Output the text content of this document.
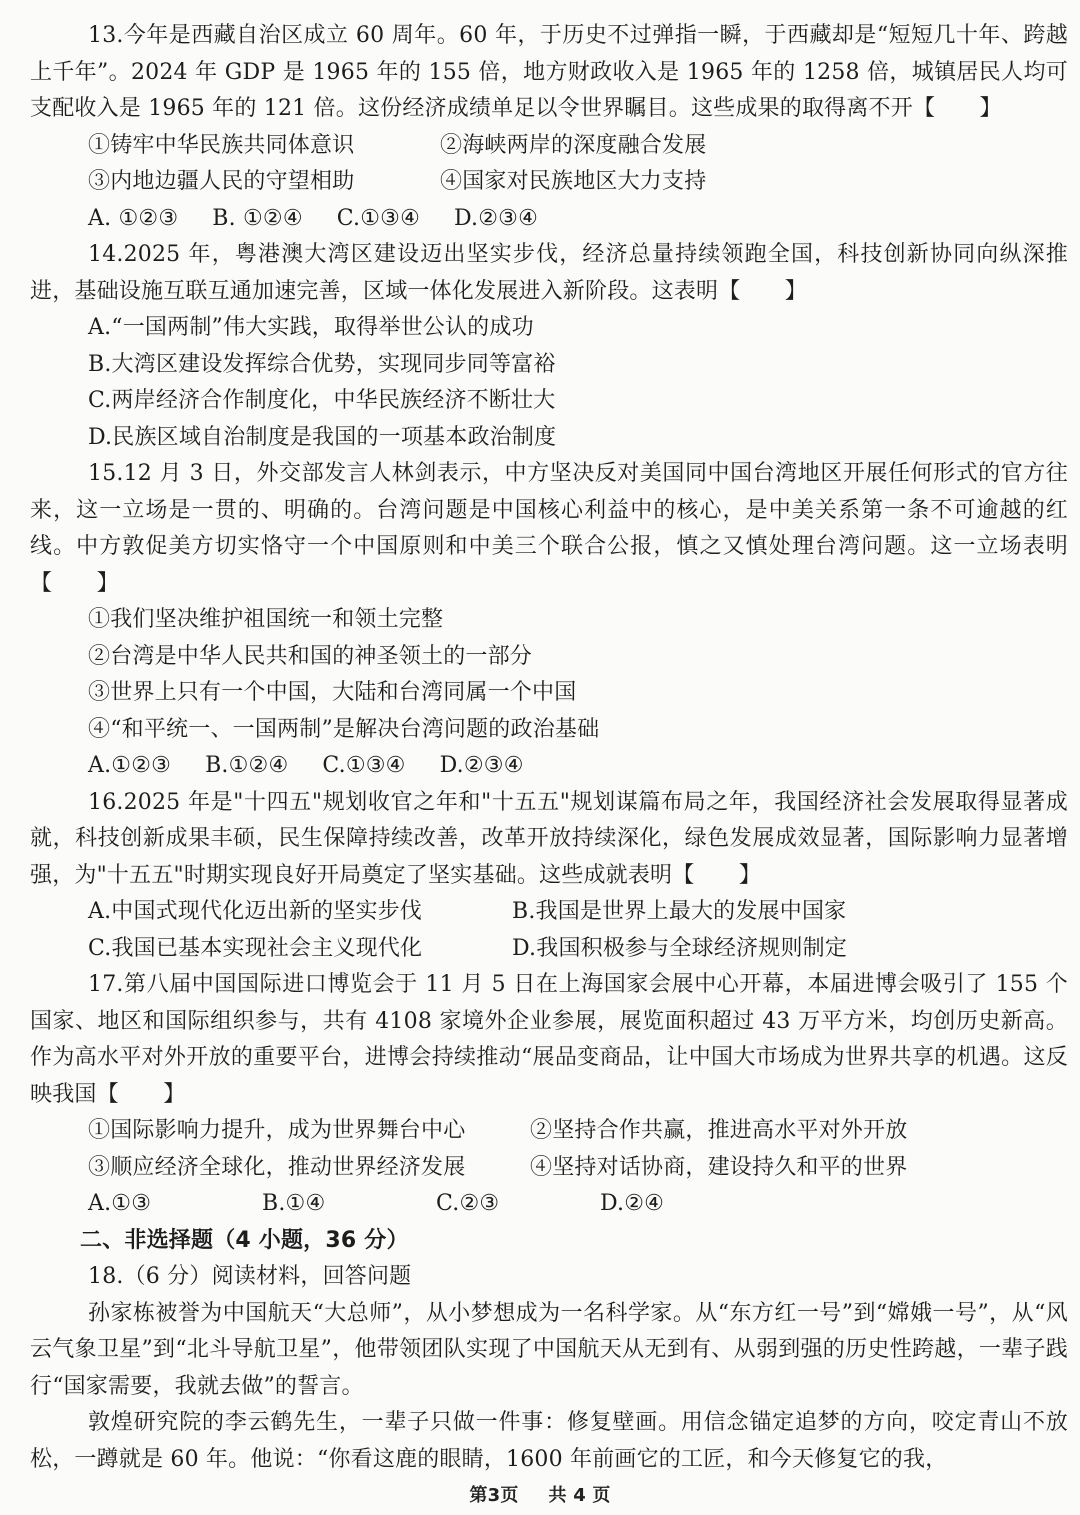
13.今年是西藏自治区成立 60 周年。60 年，于历史不过弹指一瞬，于西藏却是“短短几十年、跨越上千年”。2024 年 GDP 是 1965 年的 155 倍，地方财政收入是 1965 年的 1258 倍，城镇居民人均可支配收入是 1965 年的 121 倍。这份经济成绩单足以令世界瞩目。这些成果的取得离不开【　　】

①铸牢中华民族共同体意识	②海峡两岸的深度融合发展
③内地边疆人民的守望相助	④国家对民族地区大力支持
A. ①②③ B. ①②④ C.①③④ D.②③④

14.2025 年，粤港澳大湾区建设迈出坚实步伐，经济总量持续领跑全国，科技创新协同向纵深推进，基础设施互联互通加速完善，区域一体化发展进入新阶段。这表明【　　】

A.“一国两制”伟大实践，取得举世公认的成功
B.大湾区建设发挥综合优势，实现同步同等富裕
C.两岸经济合作制度化，中华民族经济不断壮大
D.民族区域自治制度是我国的一项基本政治制度

15.12 月 3 日，外交部发言人林剑表示，中方坚决反对美国同中国台湾地区开展任何形式的官方往来，这一立场是一贯的、明确的。台湾问题是中国核心利益中的核心，是中美关系第一条不可逾越的红线。中方敦促美方切实恪守一个中国原则和中美三个联合公报，慎之又慎处理台湾问题。这一立场表明【　　】

①我们坚决维护祖国统一和领土完整
②台湾是中华人民共和国的神圣领土的一部分
③世界上只有一个中国，大陆和台湾同属一个中国
④“和平统一、一国两制”是解决台湾问题的政治基础
A.①②③ B.①②④ C.①③④ D.②③④

16.2025 年是"十四五"规划收官之年和"十五五"规划谋篇布局之年，我国经济社会发展取得显著成就，科技创新成果丰硕，民生保障持续改善，改革开放持续深化，绿色发展成效显著，国际影响力显著增强，为"十五五"时期实现良好开局奠定了坚实基础。这些成就表明【　　】

A.中国式现代化迈出新的坚实步伐	B.我国是世界上最大的发展中国家
C.我国已基本实现社会主义现代化	D.我国积极参与全球经济规则制定

17.第八届中国国际进口博览会于 11 月 5 日在上海国家会展中心开幕，本届进博会吸引了 155 个国家、地区和国际组织参与，共有 4108 家境外企业参展，展览面积超过 43 万平方米，均创历史新高。作为高水平对外开放的重要平台，进博会持续推动“展品变商品，让中国大市场成为世界共享的机遇。这反映我国【　　】

①国际影响力提升，成为世界舞台中心	②坚持合作共赢，推进高水平对外开放
③顺应经济全球化，推动世界经济发展	④坚持对话协商，建设持久和平的世界
A.①③	B.①④	C.②③	D.②④
二、非选择题（4 小题，36 分）
18.（6 分）阅读材料，回答问题

孙家栋被誉为中国航天“大总师”，从小梦想成为一名科学家。从“东方红一号”到“嫦娥一号”，从“风云气象卫星”到“北斗导航卫星”，他带领团队实现了中国航天从无到有、从弱到强的历史性跨越，一辈子践行“国家需要，我就去做”的誓言。

敦煌研究院的李云鹤先生，一辈子只做一件事：修复壁画。用信念锚定追梦的方向，咬定青山不放松，一蹲就是 60 年。他说：“你看这鹿的眼睛，1600 年前画它的工匠，和今天修复它的我，

第3页 共 4 页
